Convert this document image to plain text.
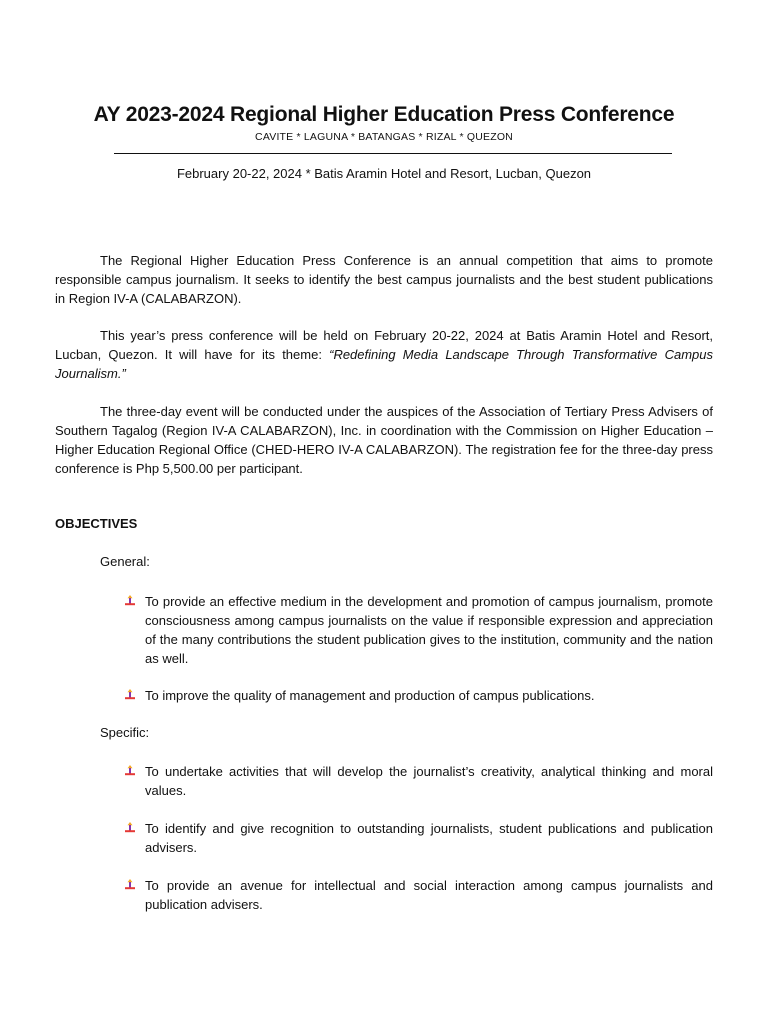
AY 2023-2024 Regional Higher Education Press Conference
CAVITE * LAGUNA * BATANGAS * RIZAL * QUEZON
February 20-22, 2024 * Batis Aramin Hotel and Resort, Lucban, Quezon

The Regional Higher Education Press Conference is an annual competition that aims to promote responsible campus journalism. It seeks to identify the best campus journalists and the best student publications in Region IV-A (CALABARZON).

This year’s press conference will be held on February 20-22, 2024 at Batis Aramin Hotel and Resort, Lucban, Quezon. It will have for its theme: “Redefining Media Landscape Through Transformative Campus Journalism.”

The three-day event will be conducted under the auspices of the Association of Tertiary Press Advisers of Southern Tagalog (Region IV-A CALABARZON), Inc. in coordination with the Commission on Higher Education – Higher Education Regional Office (CHED-HERO IV-A CALABARZON). The registration fee for the three-day press conference is Php 5,500.00 per participant.

OBJECTIVES
General:
To provide an effective medium in the development and promotion of campus journalism, promote consciousness among campus journalists on the value if responsible expression and appreciation of the many contributions the student publication gives to the institution, community and the nation as well.
To improve the quality of management and production of campus publications.
Specific:
To undertake activities that will develop the journalist’s creativity, analytical thinking and moral values.
To identify and give recognition to outstanding journalists, student publications and publication advisers.
To provide an avenue for intellectual and social interaction among campus journalists and publication advisers.
